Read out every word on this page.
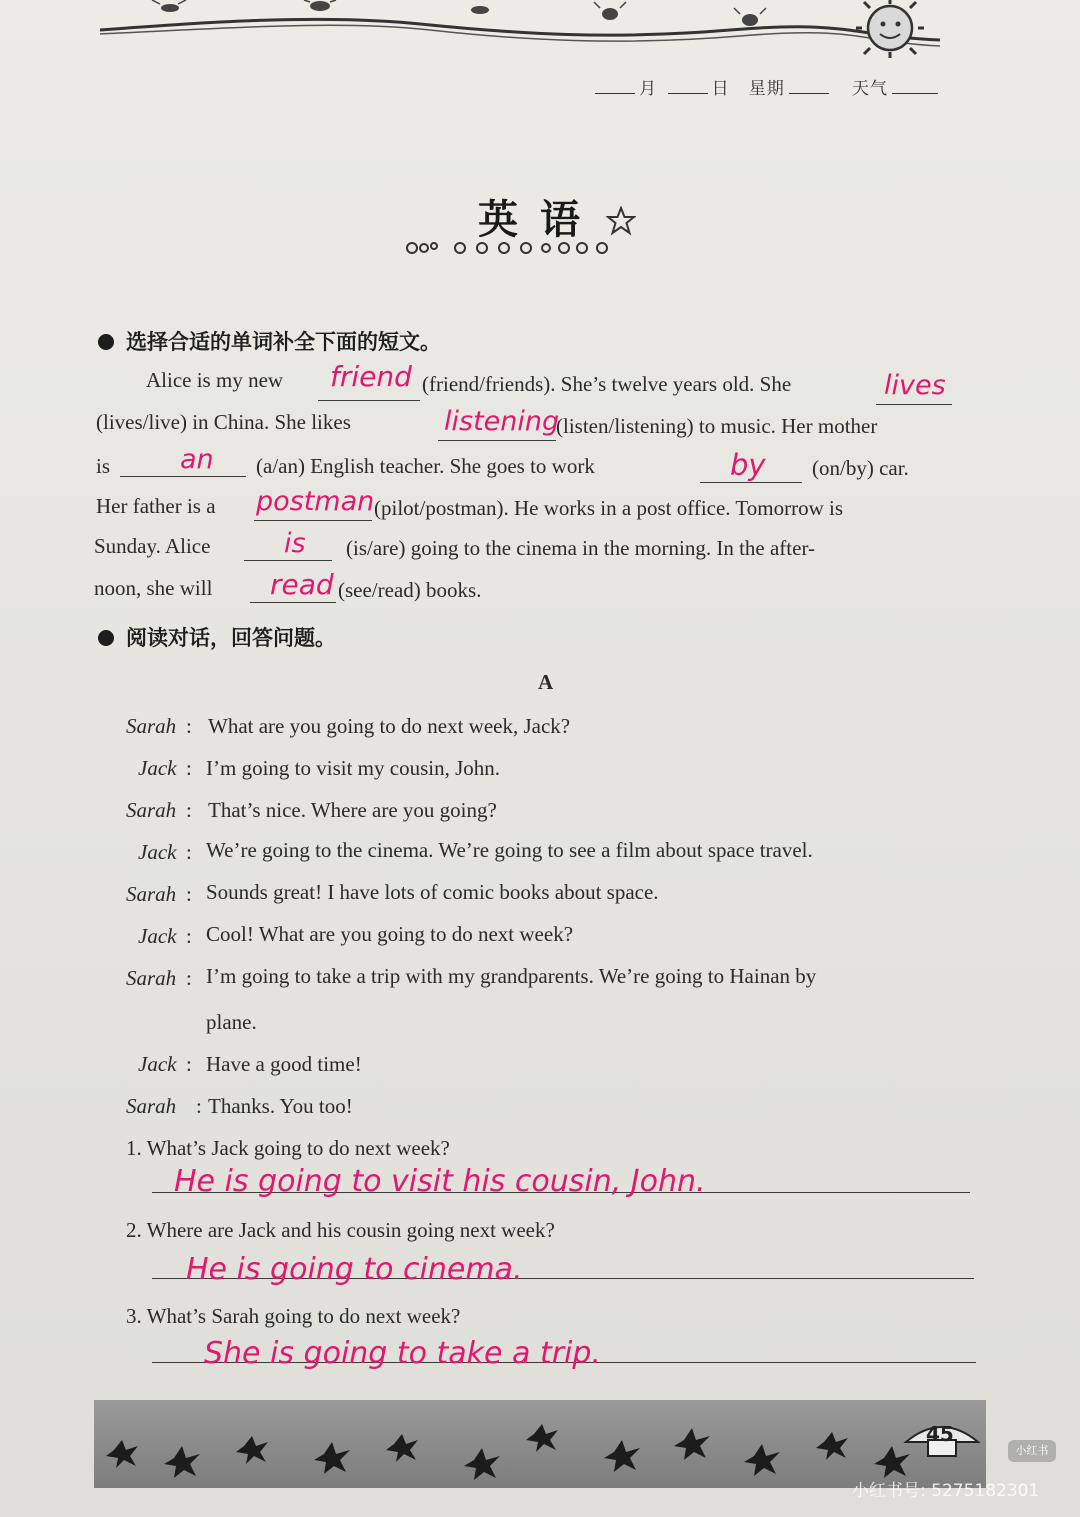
月	日 星期	天气
英语
选择合适的单词补全下面的短文。
Alice is my new friend (friend/friends). She’s twelve years old. She	lives
(lives/live) in China. She likes	listening
(listen/listening) to music. Her mother
is	an (a/an) English teacher. She goes to work	by (on/by) car.
Her father is a postman (pilot/postman). He works in a post office. Tomorrow is
Sunday. Alice	is (is/are) going to the cinema in the morning. In the after-
noon, she will read (see/read) books.
阅读对话，回答问题。
A
Sarah : What are you going to do next week, Jack?
Jack : I’m going to visit my cousin, John.
Sarah : That’s nice. Where are you going?
Jack : We’re going to the cinema. We’re going to see a film about space travel.
Sarah : Sounds great! I have lots of comic books about space.
Jack : Cool! What are you going to do next week?
Sarah : I’m going to take a trip with my grandparents. We’re going to Hainan by
plane.
Jack : Have a good time!
Sarah : Thanks. You too!
1. What’s Jack going to do next week?
He is going to visit his cousin, John.
2. Where are Jack and his cousin going next week?
He is going to cinema.
3. What’s Sarah going to do next week?
She is going to take a trip.
45
小红书
小红书号: 5275182301
